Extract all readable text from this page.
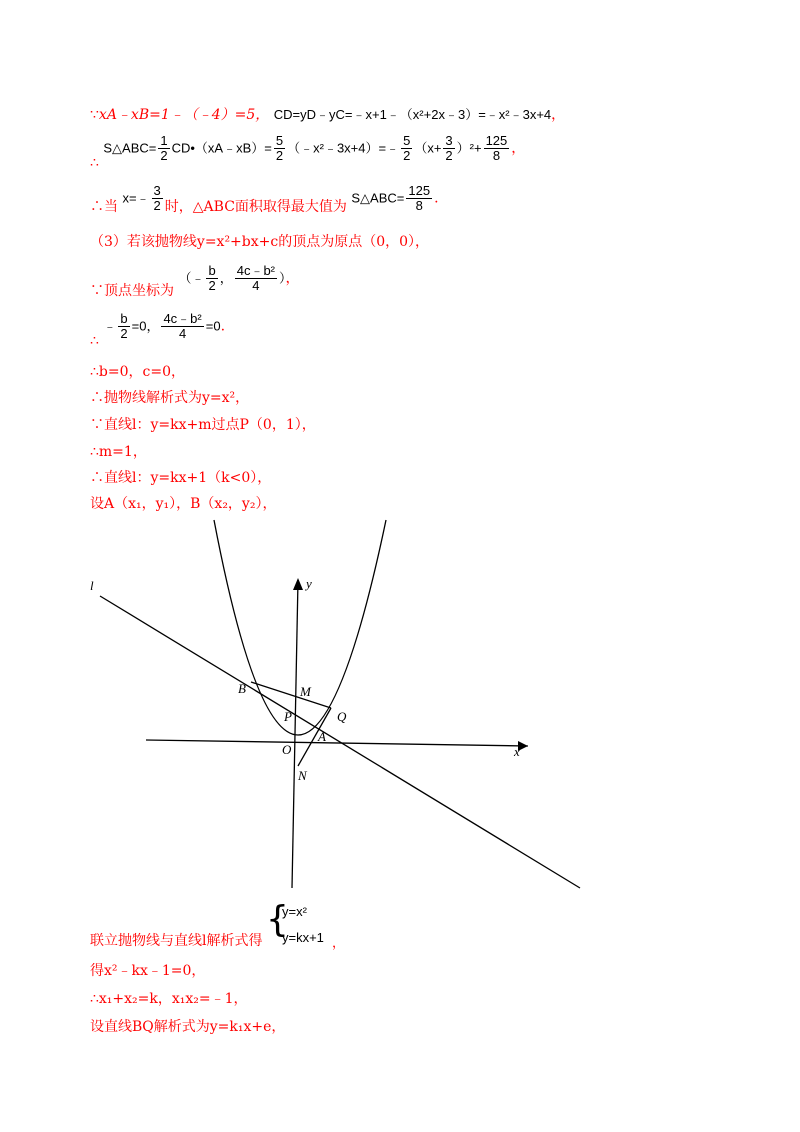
∵xA﹣xB=1﹣（﹣4）=5， CD=yD﹣yC=﹣x+1﹣（x²+2x﹣3）=﹣x²﹣3x+4，
∴ S△ABC= $\frac{1}{2}$ CD•（xA﹣xB）= $\frac{5}{2}$ （﹣x²﹣3x+4）=﹣ $\frac{5}{2} (x+ \frac{3}{2} )^2+ \frac{125}{8}$ ，
∴当 x=﹣ $\frac{3}{2}$ 时，△ABC面积取得最大值为 S△ABC= $\frac{125}{8}$ .
（3）若该抛物线y=x²+bx+c的顶点为原点（0，0），
∵顶点坐标为 （﹣ $\frac{b}{2}$ ， $\frac{\text{4c﹣b²}}{4}$ ），
∴ ﹣ $\frac{b}{2} =0$， $\frac{\text{4c﹣b²}}{4} =0$.
∴b=0，c=0，
∴抛物线解析式为y=x²，
∵直线l：y=kx+m过点P（0，1），
∴m=1，
∴直线l：y=kx+1（k<0），
设A（x₁，y₁），B（x₂，y₂），
l	y
x
B	M
P	Q
O
A
N
联立抛物线与直线l解析式得
{
y=x²
y=kx+1 ，
得x²﹣kx﹣1=0，
∴x₁+x₂=k，x₁x₂=﹣1，
设直线BQ解析式为y=k₁x+e，
